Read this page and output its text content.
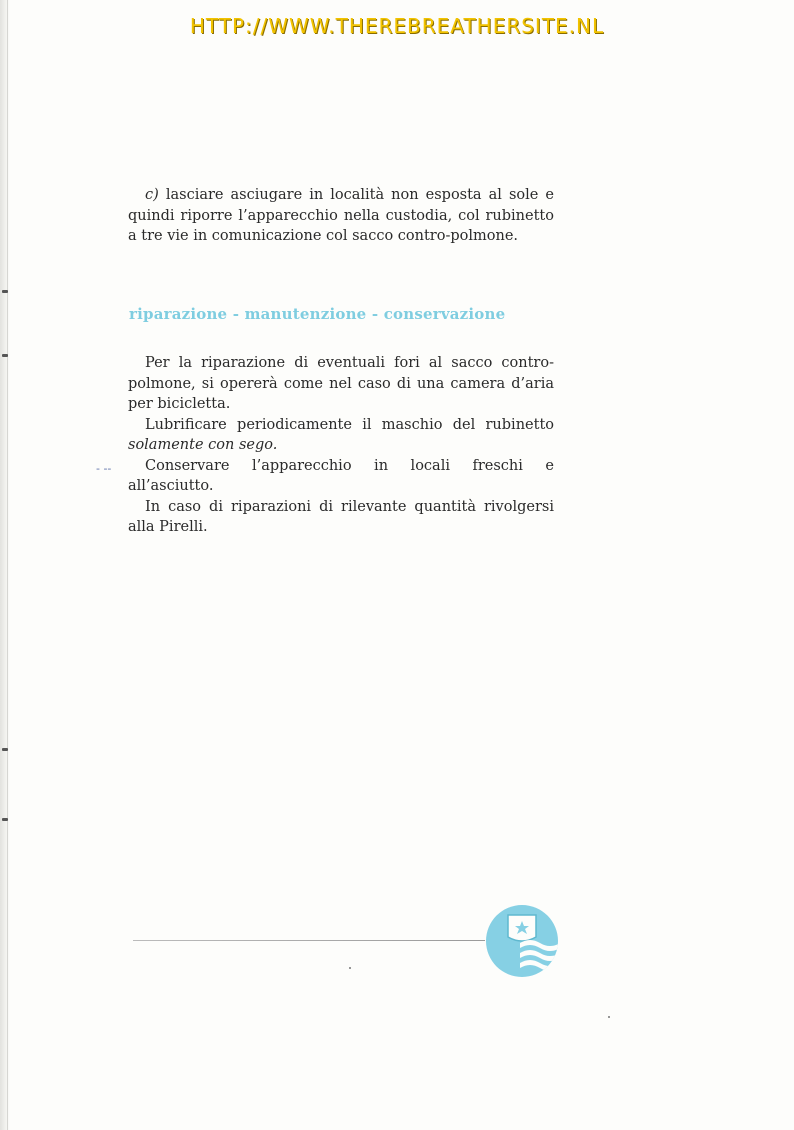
HTTP://WWW.THEREBREATHERSITE.NL
c) lasciare asciugare in località non esposta al sole e quindi riporre l’apparecchio nella custodia, col rubinetto a tre vie in comunicazione col sacco contro-polmone.
riparazione - manutenzione - conservazione

Per la riparazione di eventuali fori al sacco contro-polmone, si opererà come nel caso di una camera d’aria per bicicletta.

Lubrificare periodicamente il maschio del rubinetto solamente con sego.

Conservare l’apparecchio in locali freschi e all’asciutto.

In caso di riparazioni di rilevante quantità rivolgersi alla Pirelli.

- --
